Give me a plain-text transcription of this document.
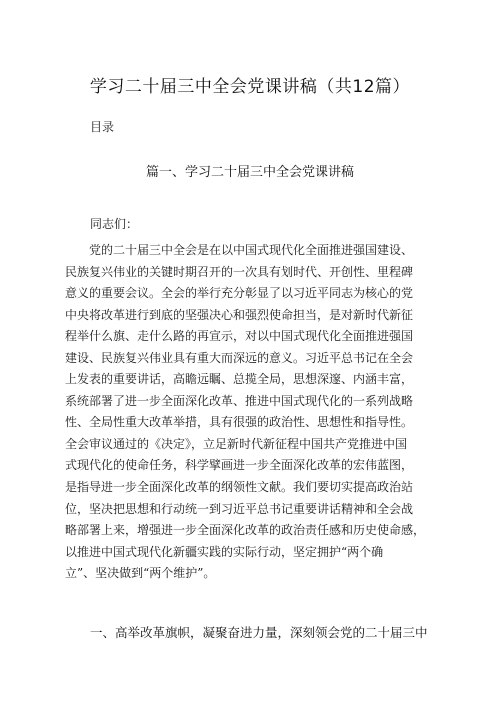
学习二十届三中全会党课讲稿（共12篇）
目录
篇一、学习二十届三中全会党课讲稿
同志们：
党的二十届三中全会是在以中国式现代化全面推进强国建设、
民族复兴伟业的关键时期召开的一次具有划时代、开创性、里程碑
意义的重要会议。全会的举行充分彰显了以习近平同志为核心的党
中央将改革进行到底的坚强决心和强烈使命担当，是对新时代新征
程举什么旗、走什么路的再宣示，对以中国式现代化全面推进强国
建设、民族复兴伟业具有重大而深远的意义。习近平总书记在全会
上发表的重要讲话，高瞻远瞩、总揽全局，思想深邃、内涵丰富，
系统部署了进一步全面深化改革、推进中国式现代化的一系列战略
性、全局性重大改革举措，具有很强的政治性、思想性和指导性。
全会审议通过的《决定》，立足新时代新征程中国共产党推进中国
式现代化的使命任务，科学擘画进一步全面深化改革的宏伟蓝图，
是指导进一步全面深化改革的纲领性文献。我们要切实提高政治站
位，坚决把思想和行动统一到习近平总书记重要讲话精神和全会战
略部署上来，增强进一步全面深化改革的政治责任感和历史使命感，
以推进中国式现代化新疆实践的实际行动，坚定拥护“两个确
立”、坚决做到“两个维护”。
一、高举改革旗帜，凝聚奋进力量，深刻领会党的二十届三中
